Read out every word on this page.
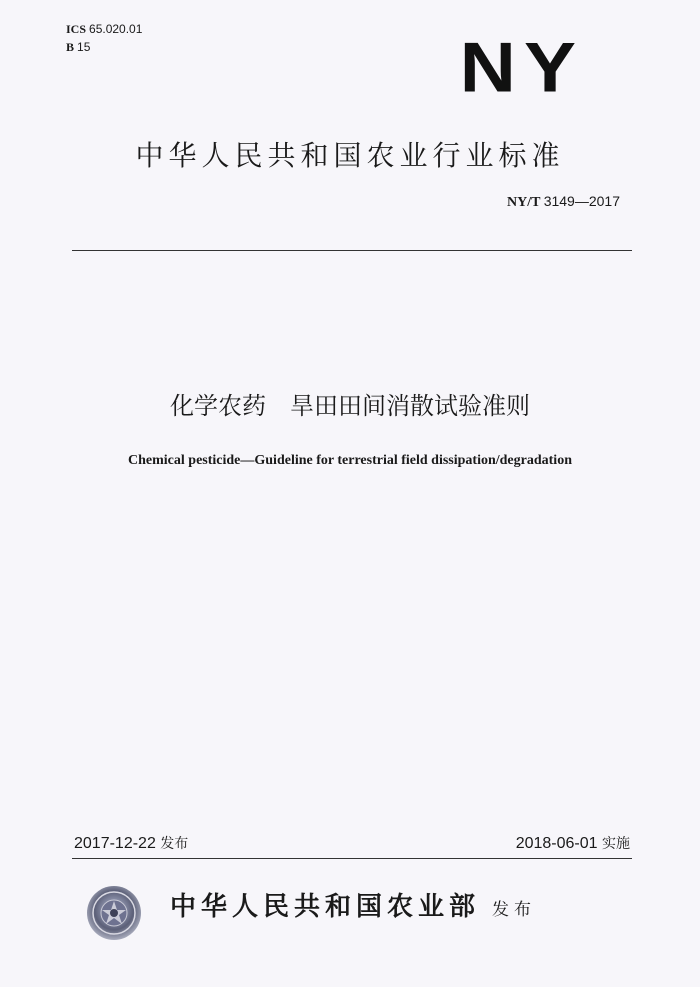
ICS 65.020.01
B 15	NY
中华人民共和国农业行业标准
NY/T 3149—2017
化学农药 旱田田间消散试验准则
Chemical pesticide—Guideline for terrestrial field dissipation/degradation
2017-12-22 发布	2018-06-01 实施
中华人民共和国农业部 发布
